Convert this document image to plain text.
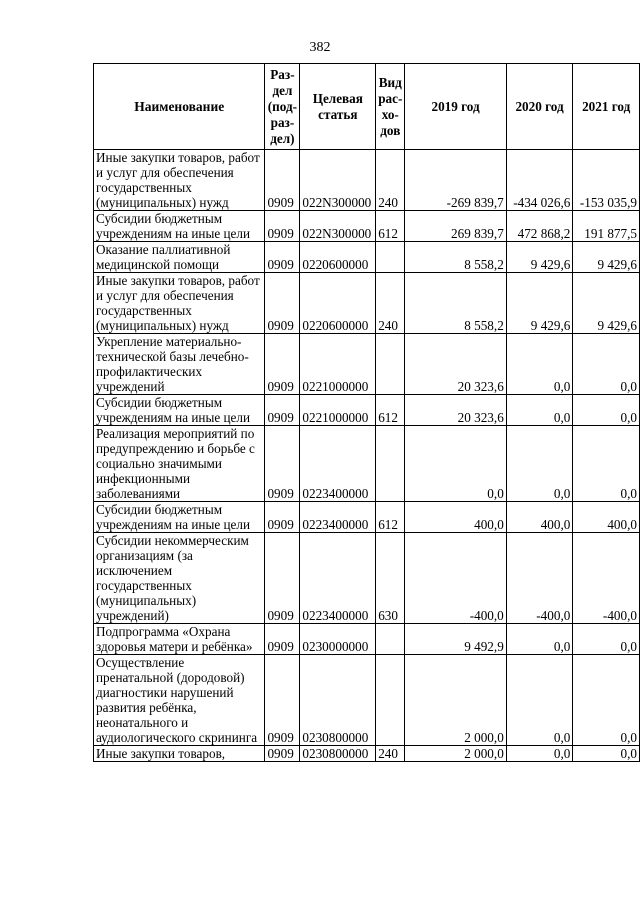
382
Наименование	Раз-
дел
(под-
раз-
дел)	Целевая
статья	Вид
рас-
хо-
дов	2019 год	2020 год	2021 год
Иные закупки товаров, работ и услуг для обеспечения государственных (муниципальных) нужд	0909	022N300000	240	-269 839,7	-434 026,6	-153 035,9
Субсидии бюджетным учреждениям на иные цели	0909	022N300000	612	269 839,7	472 868,2	191 877,5
Оказание паллиативной медицинской помощи	0909	0220600000		8 558,2	9 429,6	9 429,6
Иные закупки товаров, работ и услуг для обеспечения государственных (муниципальных) нужд	0909	0220600000	240	8 558,2	9 429,6	9 429,6
Укрепление материально-технической базы лечебно-профилактических учреждений	0909	0221000000		20 323,6	0,0	0,0
Субсидии бюджетным учреждениям на иные цели	0909	0221000000	612	20 323,6	0,0	0,0
Реализация мероприятий по предупреждению и борьбе с социально значимыми инфекционными заболеваниями	0909	0223400000		0,0	0,0	0,0
Субсидии бюджетным учреждениям на иные цели	0909	0223400000	612	400,0	400,0	400,0
Субсидии некоммерческим организациям (за исключением государственных (муниципальных) учреждений)	0909	0223400000	630	-400,0	-400,0	-400,0
Подпрограмма «Охрана здоровья матери и ребёнка»	0909	0230000000		9 492,9	0,0	0,0
Осуществление пренатальной (дородовой) диагностики нарушений развития ребёнка, неонатального и аудиологического скрининга	0909	0230800000		2 000,0	0,0	0,0
Иные закупки товаров,	0909	0230800000	240	2 000,0	0,0	0,0
